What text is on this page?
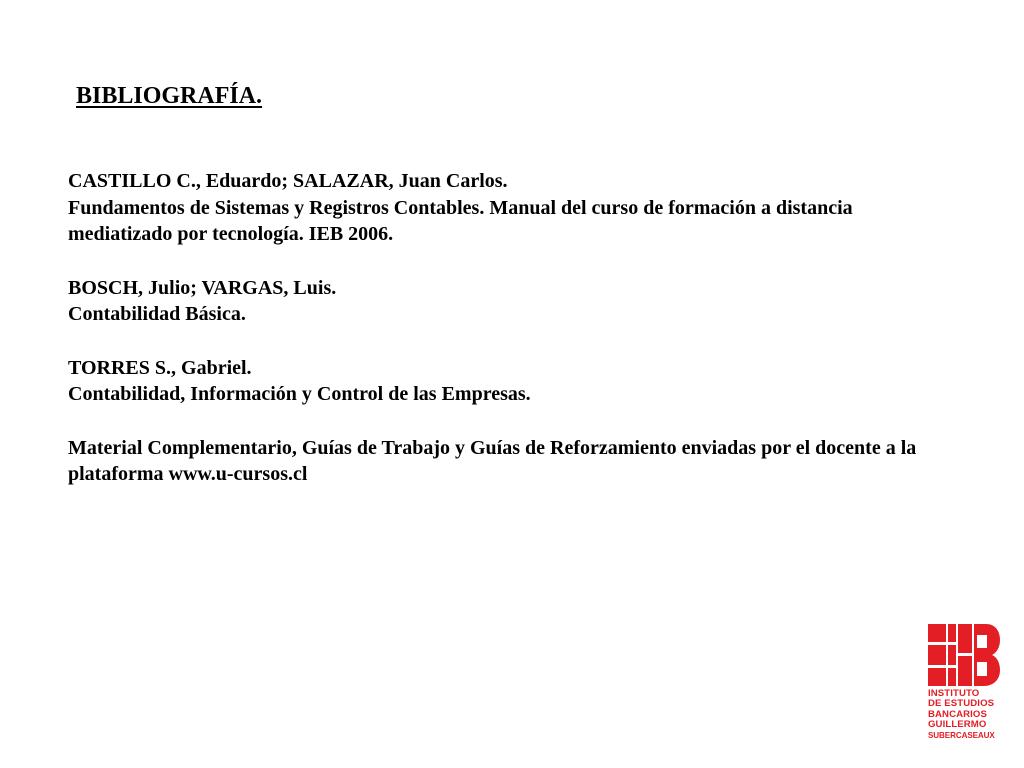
BIBLIOGRAFÍA.

CASTILLO C., Eduardo; SALAZAR, Juan Carlos.

Fundamentos de Sistemas y Registros Contables. Manual del curso de formación a distancia mediatizado por tecnología. IEB 2006.

BOSCH, Julio; VARGAS, Luis.

Contabilidad Básica.

TORRES S., Gabriel.

Contabilidad, Información y Control de las Empresas.

Material Complementario, Guías de Trabajo y Guías de Reforzamiento enviadas por el docente a la plataforma www.u-cursos.cl

INSTITUTO

DE ESTUDIOS

BANCARIOS

GUILLERMO

SUBERCASEAUX
